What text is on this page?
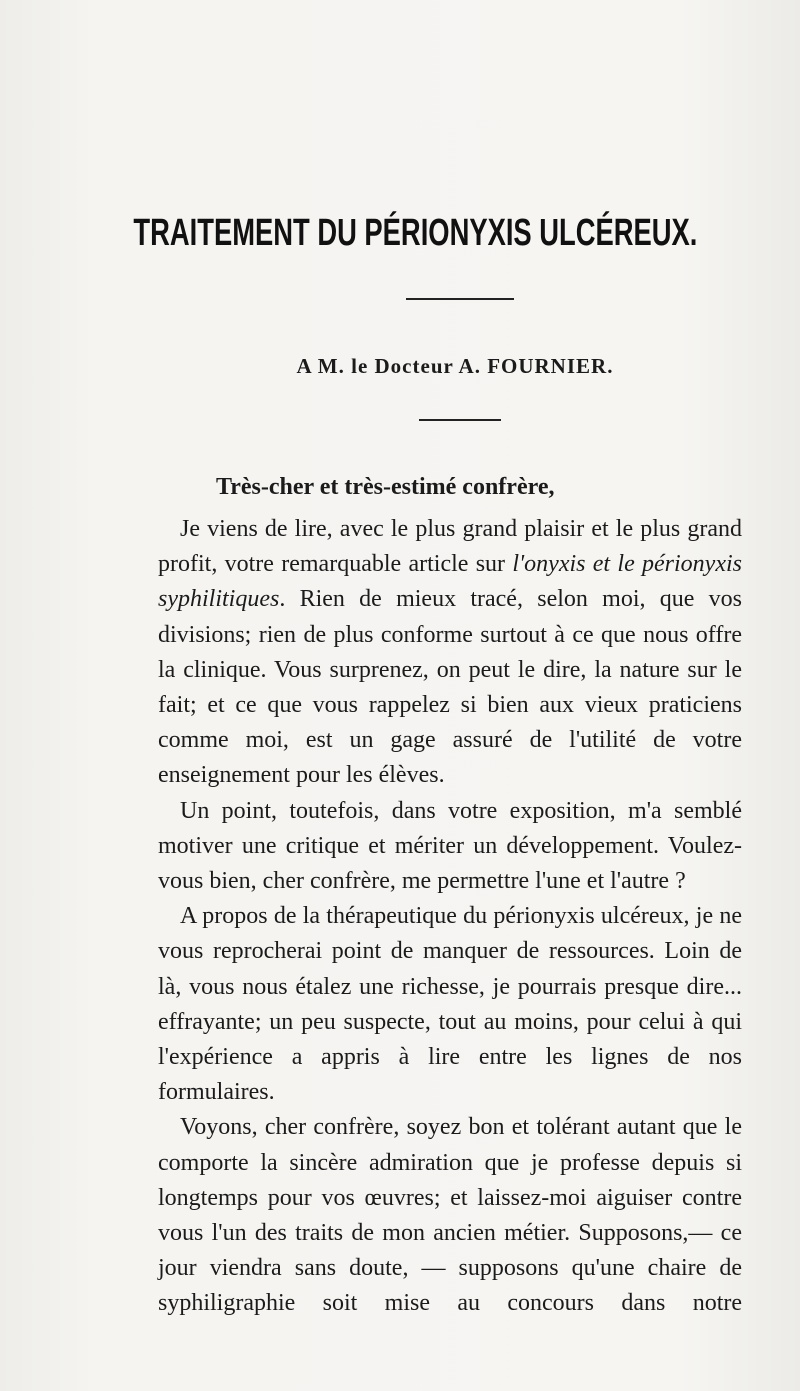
TRAITEMENT DU PÉRIONYXIS ULCÉREUX.
A M. le Docteur A. FOURNIER.
Très-cher et très-estimé confrère,

Je viens de lire, avec le plus grand plaisir et le plus grand profit, votre remarquable article sur l'onyxis et le périonyxis syphilitiques. Rien de mieux tracé, selon moi, que vos divisions; rien de plus conforme surtout à ce que nous offre la clinique. Vous surprenez, on peut le dire, la nature sur le fait; et ce que vous rappelez si bien aux vieux praticiens comme moi, est un gage assuré de l'utilité de votre enseignement pour les élèves.

Un point, toutefois, dans votre exposition, m'a semblé motiver une critique et mériter un développement. Voulez-vous bien, cher confrère, me permettre l'une et l'autre ?

A propos de la thérapeutique du périonyxis ulcéreux, je ne vous reprocherai point de manquer de ressources. Loin de là, vous nous étalez une richesse, je pourrais presque dire... effrayante; un peu suspecte, tout au moins, pour celui à qui l'expérience a appris à lire entre les lignes de nos formulaires.

Voyons, cher confrère, soyez bon et tolérant autant que le comporte la sincère admiration que je professe depuis si longtemps pour vos œuvres; et laissez-moi aiguiser contre vous l'un des traits de mon ancien métier. Supposons,— ce jour viendra sans doute, — supposons qu'une chaire de syphiligraphie soit mise au concours dans notre
